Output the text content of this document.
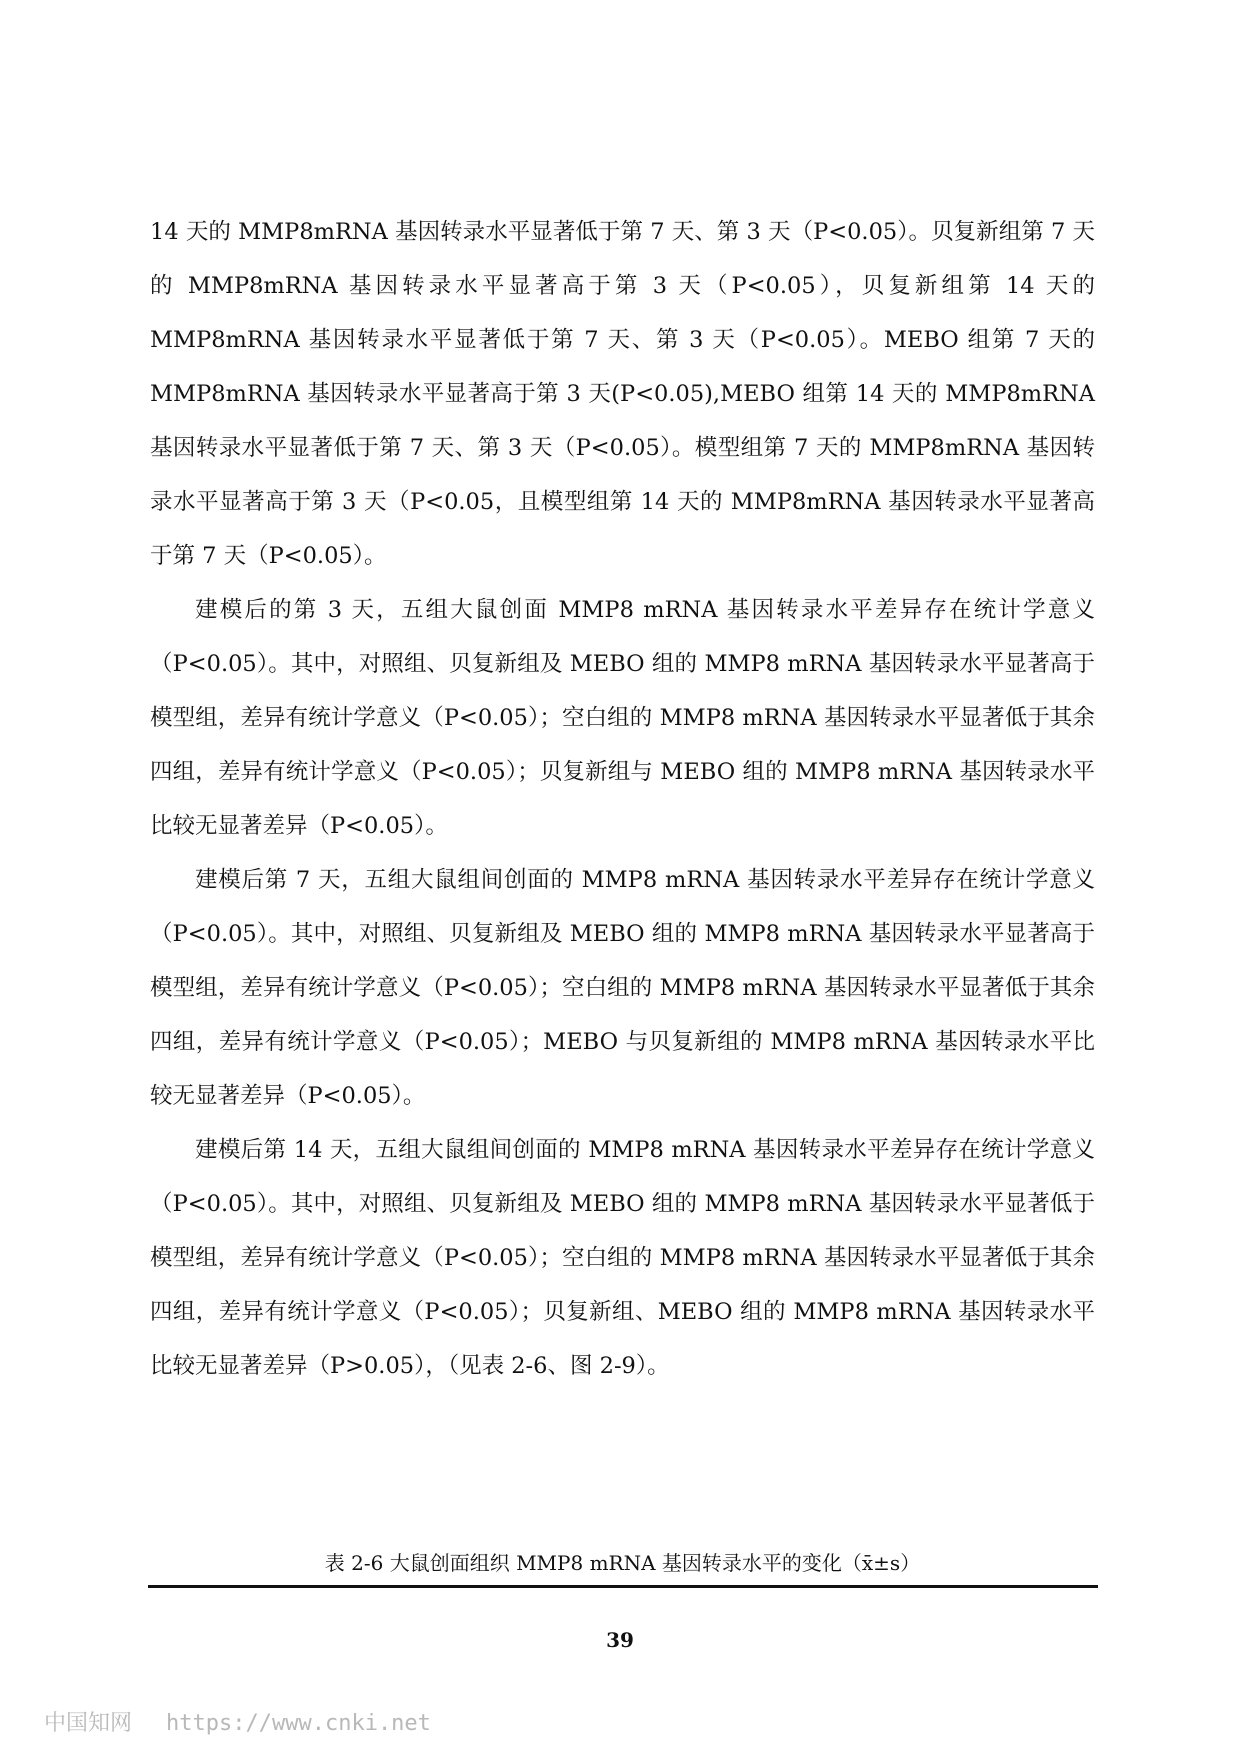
14 天的 MMP8mRNA 基因转录水平显著低于第 7 天、第 3 天（P<0.05）。贝复新组第 7 天的 MMP8mRNA 基因转录水平显著高于第 3 天（P<0.05），贝复新组第 14 天的 MMP8mRNA 基因转录水平显著低于第 7 天、第 3 天（P<0.05）。MEBO 组第 7 天的 MMP8mRNA 基因转录水平显著高于第 3 天(P<0.05),MEBO 组第 14 天的 MMP8mRNA 基因转录水平显著低于第 7 天、第 3 天（P<0.05）。模型组第 7 天的 MMP8mRNA 基因转录水平显著高于第 3 天（P<0.05，且模型组第 14 天的 MMP8mRNA 基因转录水平显著高于第 7 天（P<0.05）。

建模后的第 3 天，五组大鼠创面 MMP8 mRNA 基因转录水平差异存在统计学意义（P<0.05）。其中，对照组、贝复新组及 MEBO 组的 MMP8 mRNA 基因转录水平显著高于模型组，差异有统计学意义（P<0.05）；空白组的 MMP8 mRNA 基因转录水平显著低于其余四组，差异有统计学意义（P<0.05）；贝复新组与 MEBO 组的 MMP8 mRNA 基因转录水平比较无显著差异（P<0.05）。

建模后第 7 天，五组大鼠组间创面的 MMP8 mRNA 基因转录水平差异存在统计学意义（P<0.05）。其中，对照组、贝复新组及 MEBO 组的 MMP8 mRNA 基因转录水平显著高于模型组，差异有统计学意义（P<0.05）；空白组的 MMP8 mRNA 基因转录水平显著低于其余四组，差异有统计学意义（P<0.05）；MEBO 与贝复新组的 MMP8 mRNA 基因转录水平比较无显著差异（P<0.05）。

建模后第 14 天，五组大鼠组间创面的 MMP8 mRNA 基因转录水平差异存在统计学意义（P<0.05）。其中，对照组、贝复新组及 MEBO 组的 MMP8 mRNA 基因转录水平显著低于模型组，差异有统计学意义（P<0.05）；空白组的 MMP8 mRNA 基因转录水平显著低于其余四组，差异有统计学意义（P<0.05）；贝复新组、MEBO 组的 MMP8 mRNA 基因转录水平比较无显著差异（P>0.05），（见表 2-6、图 2-9）。

表 2-6 大鼠创面组织 MMP8 mRNA 基因转录水平的变化（x̄±s）
39
中国知网 https://www.cnki.net
